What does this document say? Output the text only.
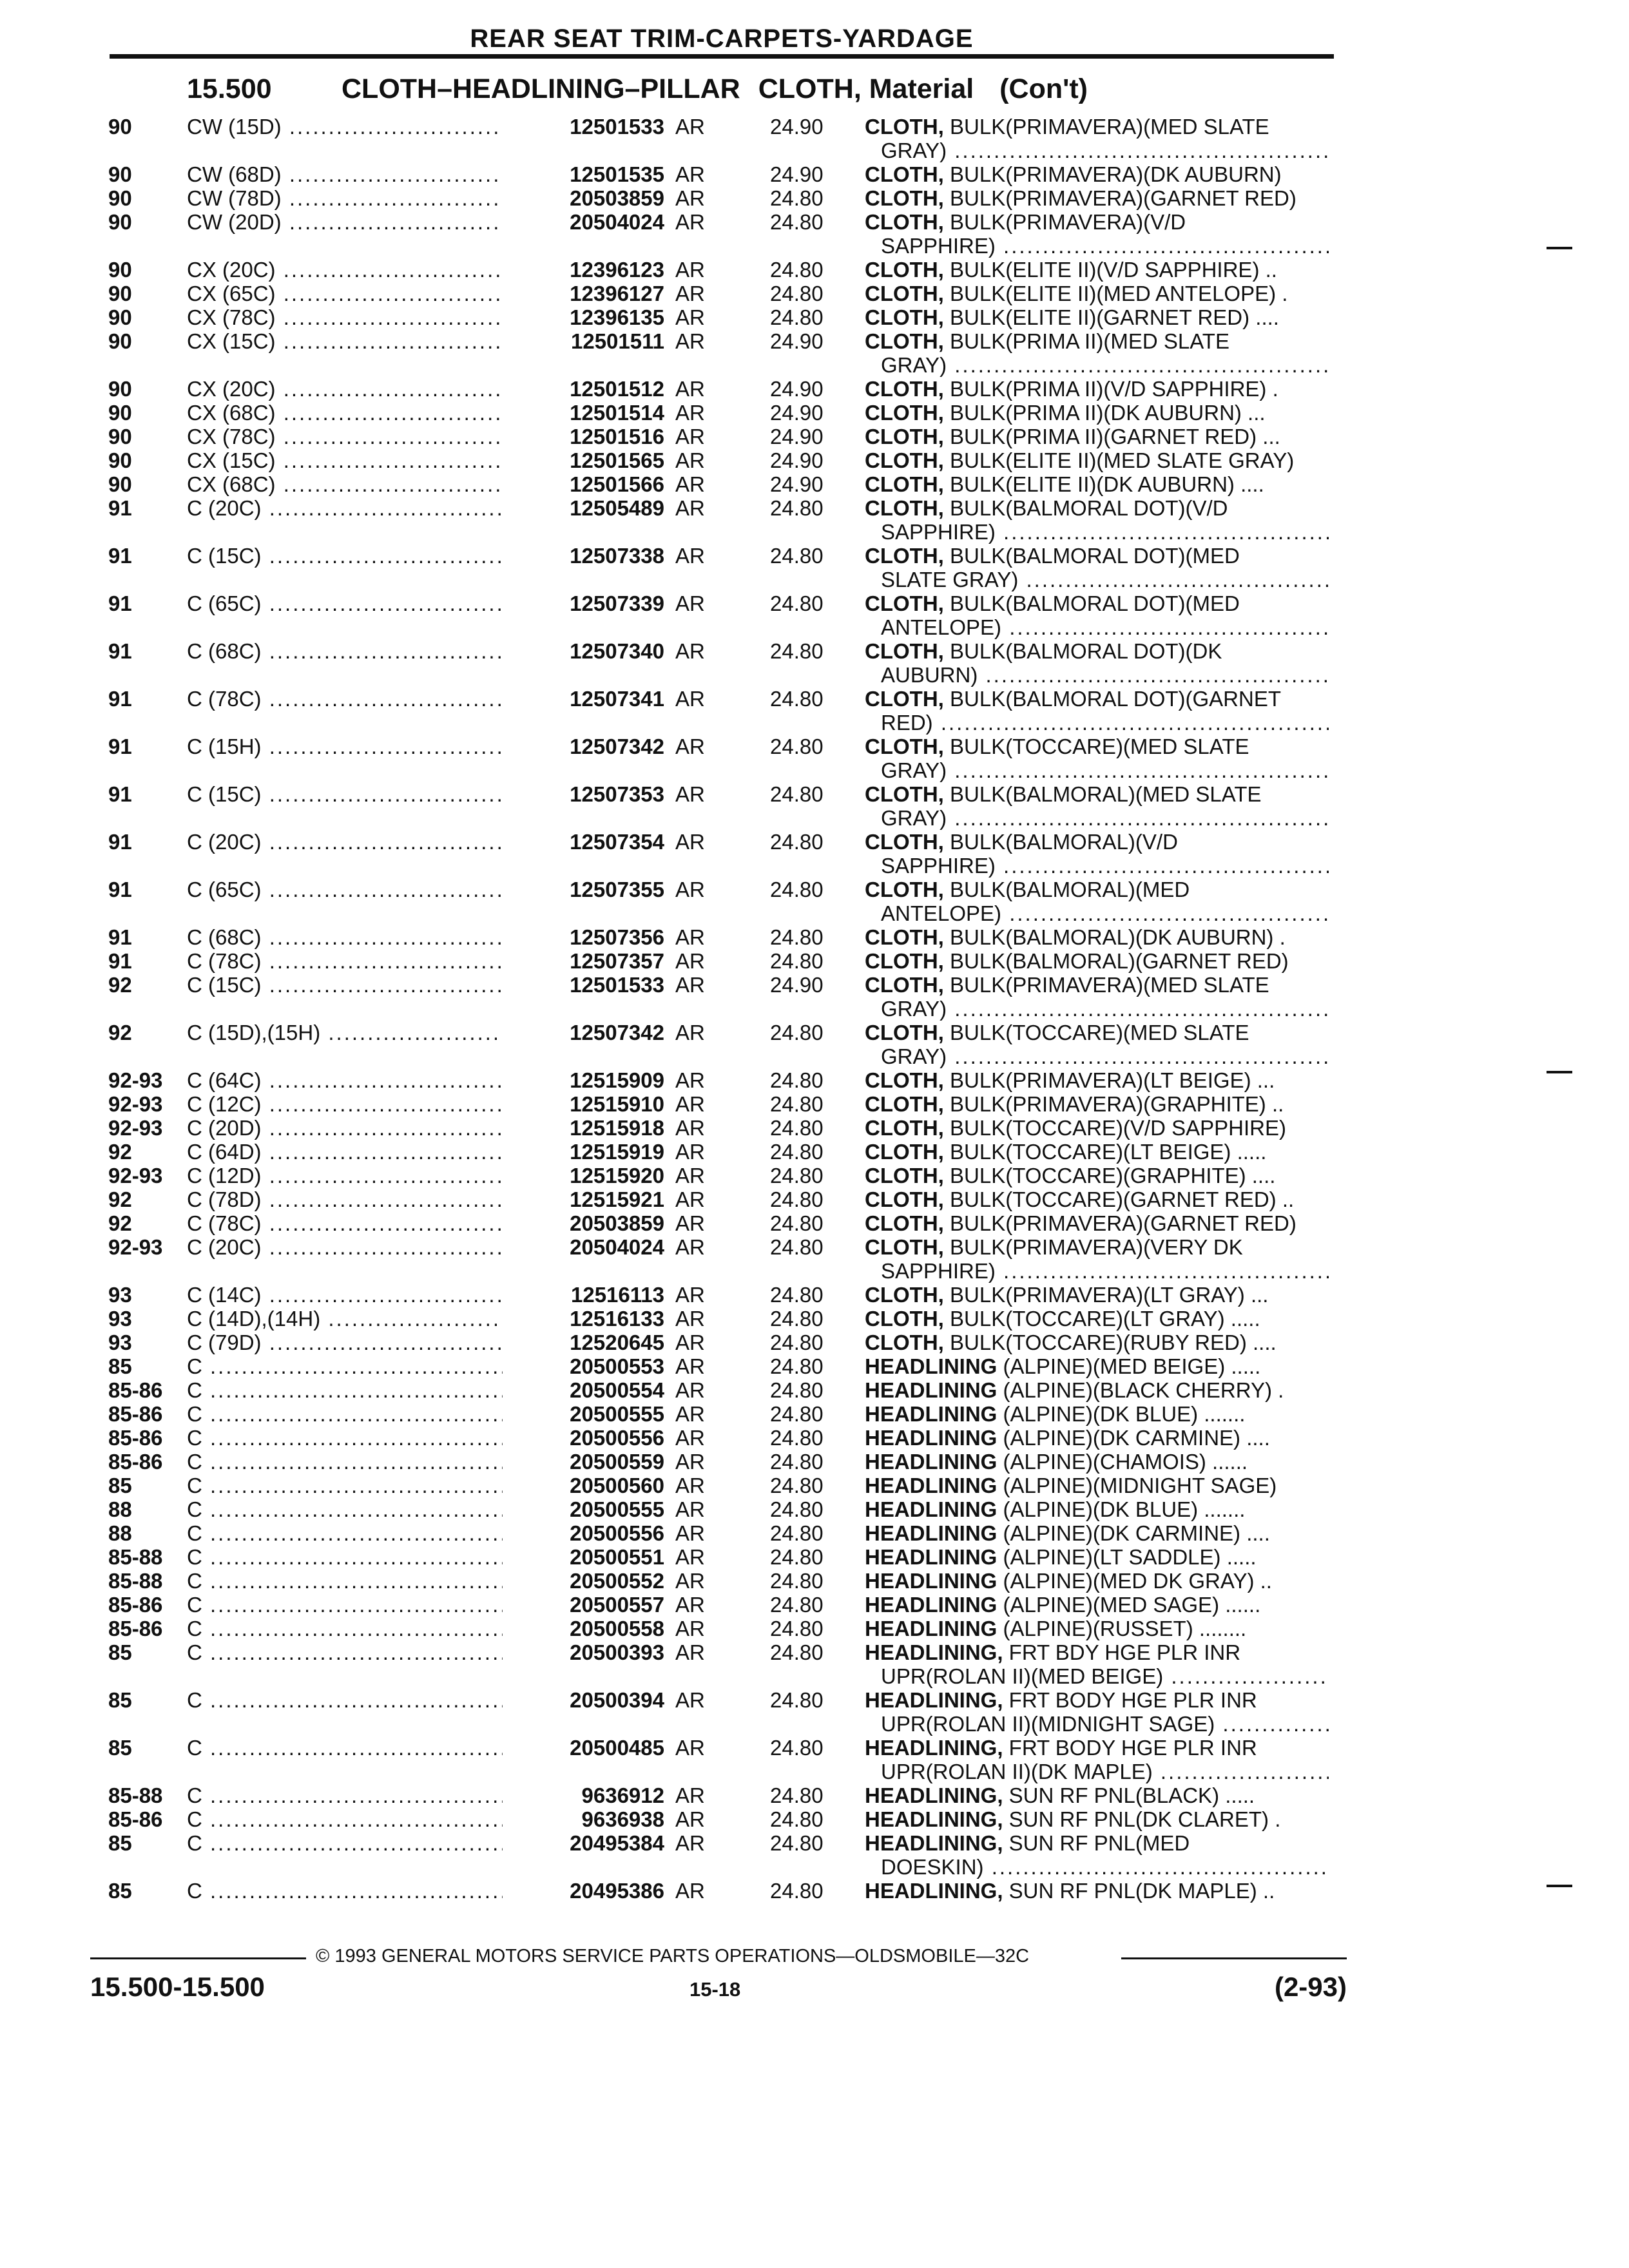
REAR SEAT TRIM-CARPETS-YARDAGE
15.500	CLOTH–HEADLINING–PILLAR CLOTH, Material (Con't)
90	CW (15D) .....	12501533 AR	24.90 CLOTH, BULK(PRIMAVERA)(MED SLATE
GRAY) .....
90	CW (68D) .....	12501535 AR	24.90 CLOTH, BULK(PRIMAVERA)(DK AUBURN)
90	CW (78D) .....	20503859 AR	24.80 CLOTH, BULK(PRIMAVERA)(GARNET RED)
90	CW (20D) .....	20504024 AR	24.80 CLOTH, BULK(PRIMAVERA)(V/D
SAPPHIRE) .....
90	CX (20C) .....	12396123 AR	24.80 CLOTH, BULK(ELITE II)(V/D SAPPHIRE) ..
90	CX (65C) .....	12396127 AR	24.80 CLOTH, BULK(ELITE II)(MED ANTELOPE) .
90	CX (78C) .....	12396135 AR	24.80 CLOTH, BULK(ELITE II)(GARNET RED) ....
90	CX (15C) .....	12501511 AR	24.90 CLOTH, BULK(PRIMA II)(MED SLATE
GRAY) .....
90	CX (20C) .....	12501512 AR	24.90 CLOTH, BULK(PRIMA II)(V/D SAPPHIRE) .
90	CX (68C) .....	12501514 AR	24.90 CLOTH, BULK(PRIMA II)(DK AUBURN) ...
90	CX (78C) .....	12501516 AR	24.90 CLOTH, BULK(PRIMA II)(GARNET RED) ...
90	CX (15C) .....	12501565 AR	24.90 CLOTH, BULK(ELITE II)(MED SLATE GRAY)
90	CX (68C) .....	12501566 AR	24.90 CLOTH, BULK(ELITE II)(DK AUBURN) ....
91	C (20C) .....	12505489 AR	24.80 CLOTH, BULK(BALMORAL DOT)(V/D
SAPPHIRE) .....
91	C (15C) .....	12507338 AR	24.80 CLOTH, BULK(BALMORAL DOT)(MED
SLATE GRAY) .....
91	C (65C) .....	12507339 AR	24.80 CLOTH, BULK(BALMORAL DOT)(MED
ANTELOPE) .....
91	C (68C) .....	12507340 AR	24.80 CLOTH, BULK(BALMORAL DOT)(DK
AUBURN) .....
91	C (78C) .....	12507341 AR	24.80 CLOTH, BULK(BALMORAL DOT)(GARNET
RED) .....
91	C (15H) .....	12507342 AR	24.80 CLOTH, BULK(TOCCARE)(MED SLATE
GRAY) .....
91	C (15C) .....	12507353 AR	24.80 CLOTH, BULK(BALMORAL)(MED SLATE
GRAY) .....
91	C (20C) .....	12507354 AR	24.80 CLOTH, BULK(BALMORAL)(V/D
SAPPHIRE) .....
91	C (65C) .....	12507355 AR	24.80 CLOTH, BULK(BALMORAL)(MED
ANTELOPE) .....
91	C (68C) .....	12507356 AR	24.80 CLOTH, BULK(BALMORAL)(DK AUBURN) .
91	C (78C) .....	12507357 AR	24.80 CLOTH, BULK(BALMORAL)(GARNET RED)
92	C (15C) .....	12501533 AR	24.90 CLOTH, BULK(PRIMAVERA)(MED SLATE
GRAY) .....
92	C (15D),(15H) .....	12507342 AR	24.80 CLOTH, BULK(TOCCARE)(MED SLATE
GRAY) .....
92-93 C (64C) .....	12515909 AR	24.80 CLOTH, BULK(PRIMAVERA)(LT BEIGE) ...
92-93 C (12C) .....	12515910 AR	24.80 CLOTH, BULK(PRIMAVERA)(GRAPHITE) ..
92-93 C (20D) .....	12515918 AR	24.80 CLOTH, BULK(TOCCARE)(V/D SAPPHIRE)
92	C (64D) .....	12515919 AR	24.80 CLOTH, BULK(TOCCARE)(LT BEIGE) .....
92-93 C (12D) .....	12515920 AR	24.80 CLOTH, BULK(TOCCARE)(GRAPHITE) ....
92	C (78D) .....	12515921 AR	24.80 CLOTH, BULK(TOCCARE)(GARNET RED) ..
92	C (78C) .....	20503859 AR	24.80 CLOTH, BULK(PRIMAVERA)(GARNET RED)
92-93 C (20C) .....	20504024 AR	24.80 CLOTH, BULK(PRIMAVERA)(VERY DK
SAPPHIRE) .....
93	C (14C) .....	12516113 AR	24.80 CLOTH, BULK(PRIMAVERA)(LT GRAY) ...
93	C (14D),(14H) .....	12516133 AR	24.80 CLOTH, BULK(TOCCARE)(LT GRAY) .....
93	C (79D) .....	12520645 AR	24.80 CLOTH, BULK(TOCCARE)(RUBY RED) ....
85	C .....	20500553 AR	24.80 HEADLINING (ALPINE)(MED BEIGE) .....
85-86 C .....	20500554 AR	24.80 HEADLINING (ALPINE)(BLACK CHERRY) .
85-86 C .....	20500555 AR	24.80 HEADLINING (ALPINE)(DK BLUE) .......
85-86 C .....	20500556 AR	24.80 HEADLINING (ALPINE)(DK CARMINE) ....
85-86 C .....	20500559 AR	24.80 HEADLINING (ALPINE)(CHAMOIS) ......
85	C .....	20500560 AR	24.80 HEADLINING (ALPINE)(MIDNIGHT SAGE)
88	C .....	20500555 AR	24.80 HEADLINING (ALPINE)(DK BLUE) .......
88	C .....	20500556 AR	24.80 HEADLINING (ALPINE)(DK CARMINE) ....
85-88 C .....	20500551 AR	24.80 HEADLINING (ALPINE)(LT SADDLE) .....
85-88 C .....	20500552 AR	24.80 HEADLINING (ALPINE)(MED DK GRAY) ..
85-86 C .....	20500557 AR	24.80 HEADLINING (ALPINE)(MED SAGE) ......
85-86 C .....	20500558 AR	24.80 HEADLINING (ALPINE)(RUSSET) ........
85	C .....	20500393 AR	24.80 HEADLINING, FRT BDY HGE PLR INR
UPR(ROLAN II)(MED BEIGE) .....
85	C .....	20500394 AR	24.80 HEADLINING, FRT BODY HGE PLR INR
UPR(ROLAN II)(MIDNIGHT SAGE) .....
85	C .....	20500485 AR	24.80 HEADLINING, FRT BODY HGE PLR INR
UPR(ROLAN II)(DK MAPLE) .....
85-88 C .....	9636912 AR	24.80 HEADLINING, SUN RF PNL(BLACK) .....
85-86 C .....	9636938 AR	24.80 HEADLINING, SUN RF PNL(DK CLARET) .
85	C .....	20495384 AR	24.80 HEADLINING, SUN RF PNL(MED
DOESKIN) .....
85	C .....	20495386 AR	24.80 HEADLINING, SUN RF PNL(DK MAPLE) ..
© 1993 GENERAL MOTORS SERVICE PARTS OPERATIONS—OLDSMOBILE—32C
15.500-15.500	15-18	(2-93)
